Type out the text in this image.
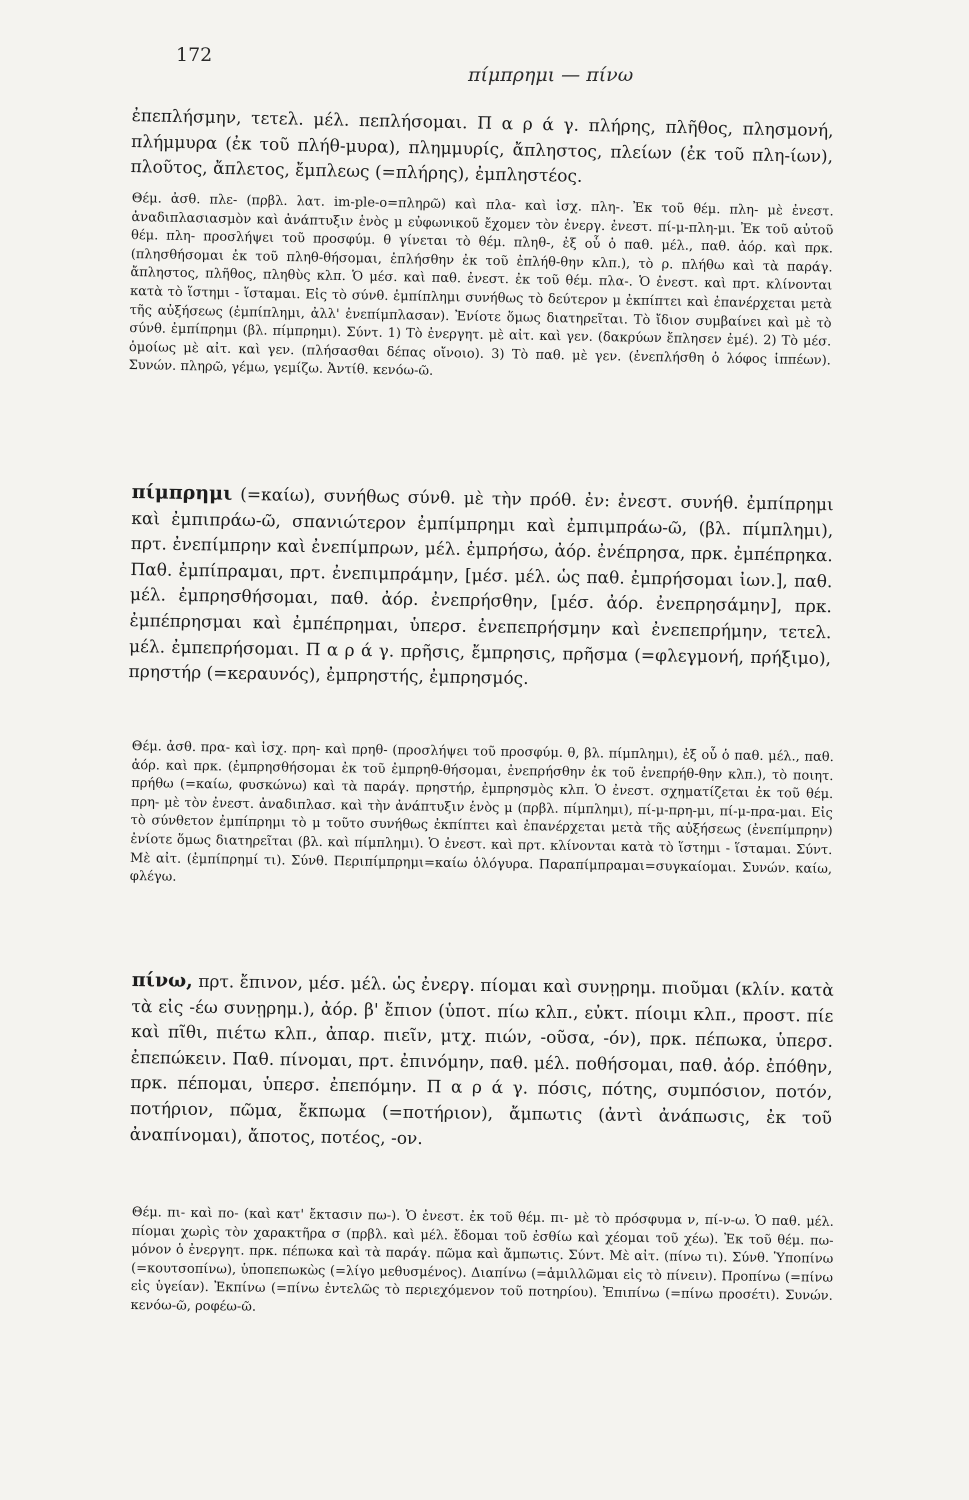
172
πίμπρημι — πίνω

ἐπεπλήσμην, τετελ. μέλ. πεπλήσομαι. Π α ρ ά γ. πλήρης, πλῆθος, πλησμονή, πλήμμυρα (ἐκ τοῦ πλήθ-μυρα), πλημμυρίς, ἄπληστος, πλείων (ἐκ τοῦ πλη-ίων), πλοῦτος, ἄπλετος, ἔμπλεως (=πλήρης), ἐμπληστέος.

Θέμ. ἀσθ. πλε- (πρβλ. λατ. im-ple-o=πληρῶ) καὶ πλα- καὶ ἰσχ. πλη-. Ἐκ τοῦ θέμ. πλη- μὲ ἐνεστ. ἀναδιπλασιασμὸν καὶ ἀνάπτυξιν ἑνὸς μ εὐφωνικοῦ ἔχομεν τὸν ἐνεργ. ἐνεστ. πί-μ-πλη-μι. Ἐκ τοῦ αὐτοῦ θέμ. πλη- προσλήψει τοῦ προσφύμ. θ γίνεται τὸ θέμ. πληθ-, ἐξ οὗ ὁ παθ. μέλ., παθ. ἀόρ. καὶ πρκ. (πλησθήσομαι ἐκ τοῦ πληθ-θήσομαι, ἐπλήσθην ἐκ τοῦ ἐπλήθ-θην κλπ.), τὸ ρ. πλήθω καὶ τὰ παράγ. ἄπληστος, πλῆθος, πληθὺς κλπ. Ὁ μέσ. καὶ παθ. ἐνεστ. ἐκ τοῦ θέμ. πλα-. Ὁ ἐνεστ. καὶ πρτ. κλίνονται κατὰ τὸ ἵστημι - ἵσταμαι. Εἰς τὸ σύνθ. ἐμπίπλημι συνήθως τὸ δεύτερον μ ἐκπίπτει καὶ ἐπανέρχεται μετὰ τῆς αὐξήσεως (ἐμπίπλημι, ἀλλ' ἐνεπίμπλασαν). Ἐνίοτε ὅμως διατηρεῖται. Τὸ ἴδιον συμβαίνει καὶ μὲ τὸ σύνθ. ἐμπίπρημι (βλ. πίμπρημι). Σύντ. 1) Τὸ ἐνεργητ. μὲ αἰτ. καὶ γεν. (δακρύων ἔπλησεν ἐμέ). 2) Τὸ μέσ. ὁμοίως μὲ αἰτ. καὶ γεν. (πλήσασθαι δέπας οἴνοιο). 3) Τὸ παθ. μὲ γεν. (ἐνεπλήσθη ὁ λόφος ἱππέων). Συνών. πληρῶ, γέμω, γεμίζω. Ἀντίθ. κενόω-ῶ.

πίμπρημι (=καίω), συνήθως σύνθ. μὲ τὴν πρόθ. ἐν: ἐνεστ. συνήθ. ἐμπίπρημι καὶ ἐμπιπράω-ῶ, σπανιώτερον ἐμπίμπρημι καὶ ἐμπιμπράω-ῶ, (βλ. πίμπλημι), πρτ. ἐνεπίμπρην καὶ ἐνεπίμπρων, μέλ. ἐμπρήσω, ἀόρ. ἐνέπρησα, πρκ. ἐμπέπρηκα. Παθ. ἐμπίπραμαι, πρτ. ἐνεπιμπράμην, [μέσ. μέλ. ὡς παθ. ἐμπρήσομαι ἰων.], παθ. μέλ. ἐμπρησθήσομαι, παθ. ἀόρ. ἐνεπρήσθην, [μέσ. ἀόρ. ἐνεπρησάμην], πρκ. ἐμπέπρησμαι καὶ ἐμπέπρημαι, ὑπερσ. ἐνεπεπρήσμην καὶ ἐνεπεπρήμην, τετελ. μέλ. ἐμπεπρήσομαι. Π α ρ ά γ. πρῆσις, ἔμπρησις, πρῆσμα (=φλεγμονή, πρήξιμο), πρηστήρ (=κεραυνός), ἐμπρηστής, ἐμπρησμός.

Θέμ. ἀσθ. πρα- καὶ ἰσχ. πρη- καὶ πρηθ- (προσλήψει τοῦ προσφύμ. θ, βλ. πίμπλημι), ἐξ οὗ ὁ παθ. μέλ., παθ. ἀόρ. καὶ πρκ. (ἐμπρησθήσομαι ἐκ τοῦ ἐμπρηθ-θήσομαι, ἐνεπρήσθην ἐκ τοῦ ἐνεπρήθ-θην κλπ.), τὸ ποιητ. πρήθω (=καίω, φυσκώνω) καὶ τὰ παράγ. πρηστήρ, ἐμπρησμὸς κλπ. Ὁ ἐνεστ. σχηματίζεται ἐκ τοῦ θέμ. πρη- μὲ τὸν ἐνεστ. ἀναδιπλασ. καὶ τὴν ἀνάπτυξιν ἑνὸς μ (πρβλ. πίμπλημι), πί-μ-πρη-μι, πί-μ-πρα-μαι. Εἰς τὸ σύνθετον ἐμπίπρημι τὸ μ τοῦτο συνήθως ἐκπίπτει καὶ ἐπανέρχεται μετὰ τῆς αὐξήσεως (ἐνεπίμπρην) ἐνίοτε ὅμως διατηρεῖται (βλ. καὶ πίμπλημι). Ὁ ἐνεστ. καὶ πρτ. κλίνονται κατὰ τὸ ἵστημι - ἵσταμαι. Σύντ. Μὲ αἰτ. (ἐμπίπρημί τι). Σύνθ. Περιπίμπρημι=καίω ὁλόγυρα. Παραπίμπραμαι=συγκαίομαι. Συνών. καίω, φλέγω.

πίνω, πρτ. ἔπινον, μέσ. μέλ. ὡς ἐνεργ. πίομαι καὶ συνῃρημ. πιοῦμαι (κλίν. κατὰ τὰ εἰς -έω συνῃρημ.), ἀόρ. β' ἔπιον (ὑποτ. πίω κλπ., εὐκτ. πίοιμι κλπ., προστ. πίε καὶ πῖθι, πιέτω κλπ., ἀπαρ. πιεῖν, μτχ. πιών, -οῦσα, -όν), πρκ. πέπωκα, ὑπερσ. ἐπεπώκειν. Παθ. πίνομαι, πρτ. ἐπινόμην, παθ. μέλ. ποθήσομαι, παθ. ἀόρ. ἐπόθην, πρκ. πέπομαι, ὑπερσ. ἐπεπόμην. Π α ρ ά γ. πόσις, πότης, συμπόσιον, ποτόν, ποτήριον, πῶμα, ἔκπωμα (=ποτήριον), ἄμπωτις (ἀντὶ ἀνάπωσις, ἐκ τοῦ ἀναπίνομαι), ἄποτος, ποτέος, -ον.

Θέμ. πι- καὶ πο- (καὶ κατ' ἔκτασιν πω-). Ὁ ἐνεστ. ἐκ τοῦ θέμ. πι- μὲ τὸ πρόσφυμα ν, πί-ν-ω. Ὁ παθ. μέλ. πίομαι χωρὶς τὸν χαρακτῆρα σ (πρβλ. καὶ μέλ. ἔδομαι τοῦ ἐσθίω καὶ χέομαι τοῦ χέω). Ἐκ τοῦ θέμ. πω- μόνον ὁ ἐνεργητ. πρκ. πέπωκα καὶ τὰ παράγ. πῶμα καὶ ἄμπωτις. Σύντ. Μὲ αἰτ. (πίνω τι). Σύνθ. Ὑποπίνω (=κουτσοπίνω), ὑποπεπωκὼς (=λίγο μεθυσμένος). Διαπίνω (=ἁμιλλῶμαι εἰς τὸ πίνειν). Προπίνω (=πίνω εἰς ὑγείαν). Ἐκπίνω (=πίνω ἐντελῶς τὸ περιεχόμενον τοῦ ποτηρίου). Ἐπιπίνω (=πίνω προσέτι). Συνών. κενόω-ῶ, ροφέω-ῶ.
